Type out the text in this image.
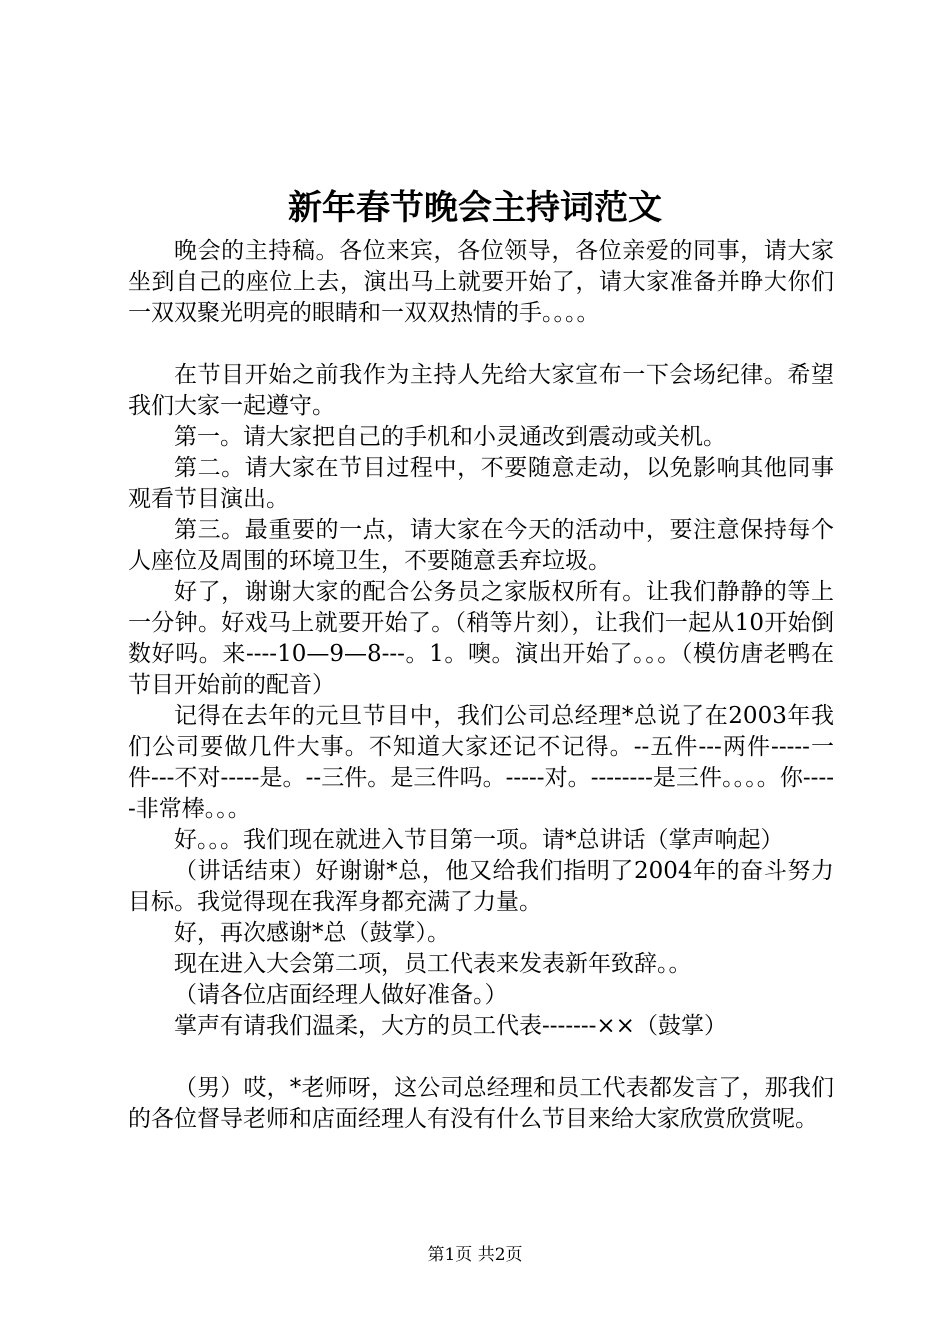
新年春节晚会主持词范文

晚会的主持稿。各位来宾，各位领导，各位亲爱的同事，请大家坐到自己的座位上去，演出马上就要开始了，请大家准备并睁大你们一双双聚光明亮的眼睛和一双双热情的手。。。。

在节目开始之前我作为主持人先给大家宣布一下会场纪律。希望我们大家一起遵守。

第一。请大家把自己的手机和小灵通改到震动或关机。

第二。请大家在节目过程中，不要随意走动，以免影响其他同事观看节目演出。

第三。最重要的一点，请大家在今天的活动中，要注意保持每个人座位及周围的环境卫生，不要随意丢弃垃圾。

好了，谢谢大家的配合公务员之家版权所有。让我们静静的等上一分钟。好戏马上就要开始了。（稍等片刻），让我们一起从10开始倒数好吗。来----10—9—8---。1。噢。演出开始了。。。（模仿唐老鸭在节目开始前的配音）

记得在去年的元旦节目中，我们公司总经理*总说了在2003年我们公司要做几件大事。不知道大家还记不记得。--五件---两件-----一件---不对-----是。--三件。是三件吗。-----对。--------是三件。。。。你-----非常棒。。。

好。。。我们现在就进入节目第一项。请*总讲话（掌声响起）

（讲话结束）好谢谢*总，他又给我们指明了2004年的奋斗努力目标。我觉得现在我浑身都充满了力量。

好，再次感谢*总（鼓掌）。

现在进入大会第二项，员工代表来发表新年致辞。。

（请各位店面经理人做好准备。）

掌声有请我们温柔，大方的员工代表-------××（鼓掌）

（男）哎，*老师呀，这公司总经理和员工代表都发言了，那我们的各位督导老师和店面经理人有没有什么节目来给大家欣赏欣赏呢。

第1页 共2页
